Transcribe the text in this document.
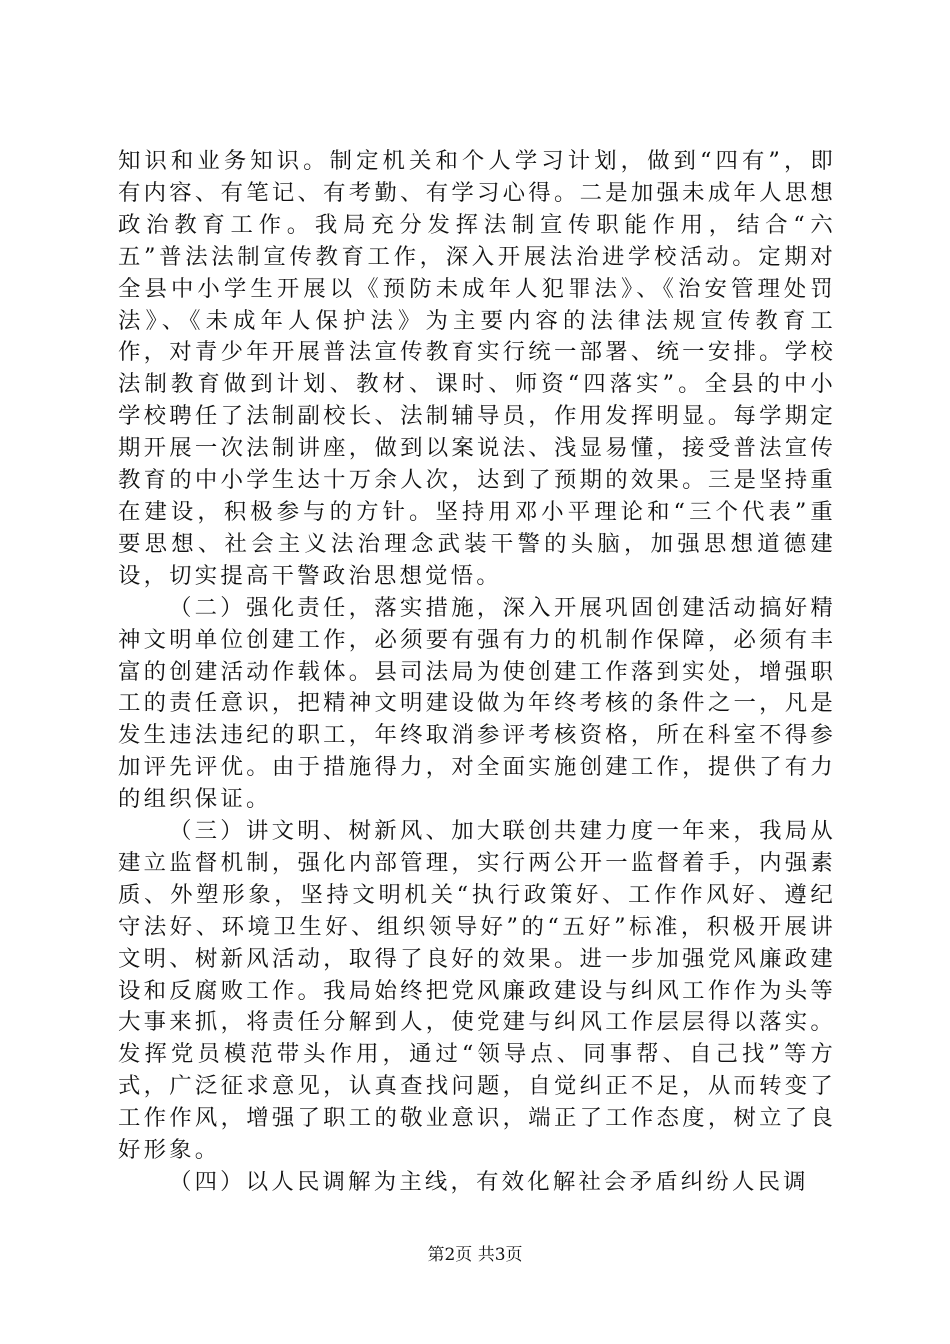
知识和业务知识。制定机关和个人学习计划，做到“四有”，即有内容、有笔记、有考勤、有学习心得。二是加强未成年人思想政治教育工作。我局充分发挥法制宣传职能作用，结合“六五”普法法制宣传教育工作，深入开展法治进学校活动。定期对全县中小学生开展以《预防未成年人犯罪法》、《治安管理处罚法》、《未成年人保护法》为主要内容的法律法规宣传教育工作，对青少年开展普法宣传教育实行统一部署、统一安排。学校法制教育做到计划、教材、课时、师资“四落实”。全县的中小学校聘任了法制副校长、法制辅导员，作用发挥明显。每学期定期开展一次法制讲座，做到以案说法、浅显易懂，接受普法宣传教育的中小学生达十万余人次，达到了预期的效果。三是坚持重在建设，积极参与的方针。坚持用邓小平理论和“三个代表”重要思想、社会主义法治理念武装干警的头脑，加强思想道德建设，切实提高干警政治思想觉悟。

（二）强化责任，落实措施，深入开展巩固创建活动搞好精神文明单位创建工作，必须要有强有力的机制作保障，必须有丰富的创建活动作载体。县司法局为使创建工作落到实处，增强职工的责任意识，把精神文明建设做为年终考核的条件之一，凡是发生违法违纪的职工，年终取消参评考核资格，所在科室不得参加评先评优。由于措施得力，对全面实施创建工作，提供了有力的组织保证。

（三）讲文明、树新风、加大联创共建力度一年来，我局从建立监督机制，强化内部管理，实行两公开一监督着手，内强素质、外塑形象，坚持文明机关“执行政策好、工作作风好、遵纪守法好、环境卫生好、组织领导好”的“五好”标准，积极开展讲文明、树新风活动，取得了良好的效果。进一步加强党风廉政建设和反腐败工作。我局始终把党风廉政建设与纠风工作作为头等大事来抓，将责任分解到人，使党建与纠风工作层层得以落实。发挥党员模范带头作用，通过“领导点、同事帮、自己找”等方式，广泛征求意见，认真查找问题，自觉纠正不足，从而转变了工作作风，增强了职工的敬业意识，端正了工作态度，树立了良好形象。

（四）以人民调解为主线，有效化解社会矛盾纠纷人民调

第2页 共3页
